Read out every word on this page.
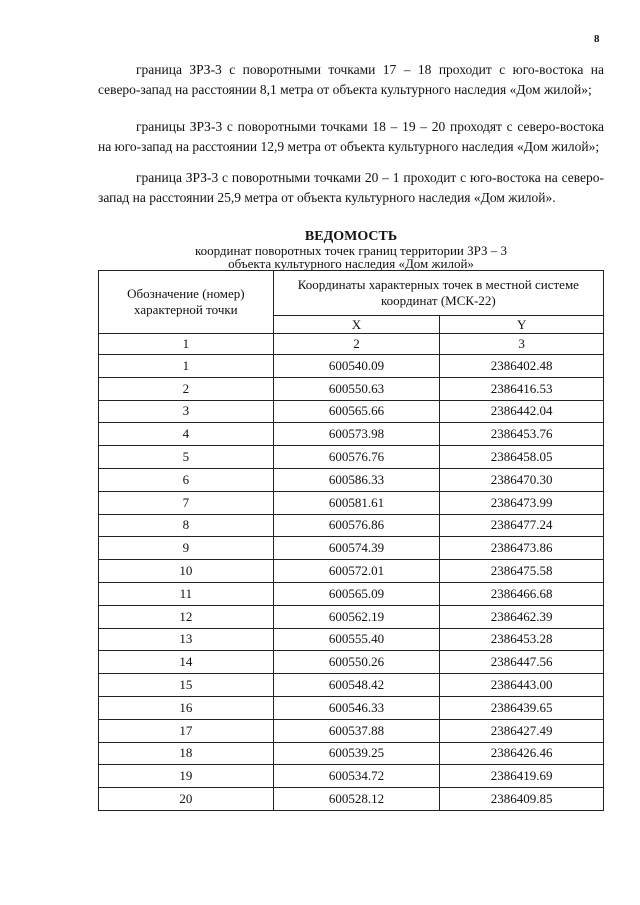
8

граница ЗРЗ-3 с поворотными точками 17 – 18 проходит с юго-востока на северо-запад на расстоянии 8,1 метра от объекта культурного наследия «Дом жилой»;

границы ЗРЗ-3 с поворотными точками 18 – 19 – 20 проходят с северо-востока на юго-запад на расстоянии 12,9 метра от объекта культурного наследия «Дом жилой»;

граница ЗРЗ-3 с поворотными точками 20 – 1 проходит с юго-востока на северо-запад на расстоянии 25,9 метра от объекта культурного наследия «Дом жилой».

ВЕДОМОСТЬ
координат поворотных точек границ территории ЗРЗ – 3
объекта культурного наследия «Дом жилой»
Обозначение (номер) характерной точки	Координаты характерных точек в местной системе координат (МСК-22)	
	X	Y
1	2	3
1	600540.09	2386402.48
2	600550.63	2386416.53
3	600565.66	2386442.04
4	600573.98	2386453.76
5	600576.76	2386458.05
6	600586.33	2386470.30
7	600581.61	2386473.99
8	600576.86	2386477.24
9	600574.39	2386473.86
10	600572.01	2386475.58
11	600565.09	2386466.68
12	600562.19	2386462.39
13	600555.40	2386453.28
14	600550.26	2386447.56
15	600548.42	2386443.00
16	600546.33	2386439.65
17	600537.88	2386427.49
18	600539.25	2386426.46
19	600534.72	2386419.69
20	600528.12	2386409.85
